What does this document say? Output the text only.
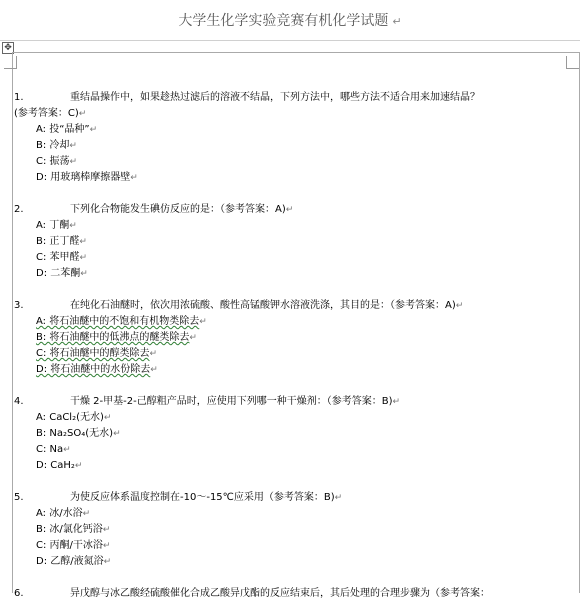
大学生化学实验竞赛有机化学试题 ↵
✥
1.	重结晶操作中，如果趁热过滤后的溶液不结晶，下列方法中，哪些方法不适合用来加速结晶？
(参考答案：C)↵
A: 投“晶种”↵
B: 冷却↵
C: 振荡↵
D: 用玻璃棒摩擦器壁↵
2.	下列化合物能发生碘仿反应的是：（参考答案：A)↵
A: 丁酮↵
B: 正丁醛↵
C: 苯甲醛↵
D: 二苯酮↵
3.	在纯化石油醚时，依次用浓硫酸、酸性高锰酸钾水溶液洗涤，其目的是：（参考答案：A)↵
A: 将石油醚中的不饱和有机物类除去↵
B: 将石油醚中的低沸点的醚类除去↵
C: 将石油醚中的醇类除去↵
D: 将石油醚中的水份除去↵
4.	干燥 2-甲基-2-己醇粗产品时，应使用下列哪一种干燥剂：（参考答案：B)↵
A: CaCl₂(无水)↵
B: Na₂SO₄(无水)↵
C: Na↵
D: CaH₂↵
5.	为使反应体系温度控制在-10～-15℃应采用（参考答案：B)↵
A: 冰/水浴↵
B: 冰/氯化钙浴↵
C: 丙酮/干冰浴↵
D: 乙醇/液氮浴↵
6.	异戊醇与冰乙酸经硫酸催化合成乙酸异戊酯的反应结束后，其后处理的合理步骤为（参考答案：
